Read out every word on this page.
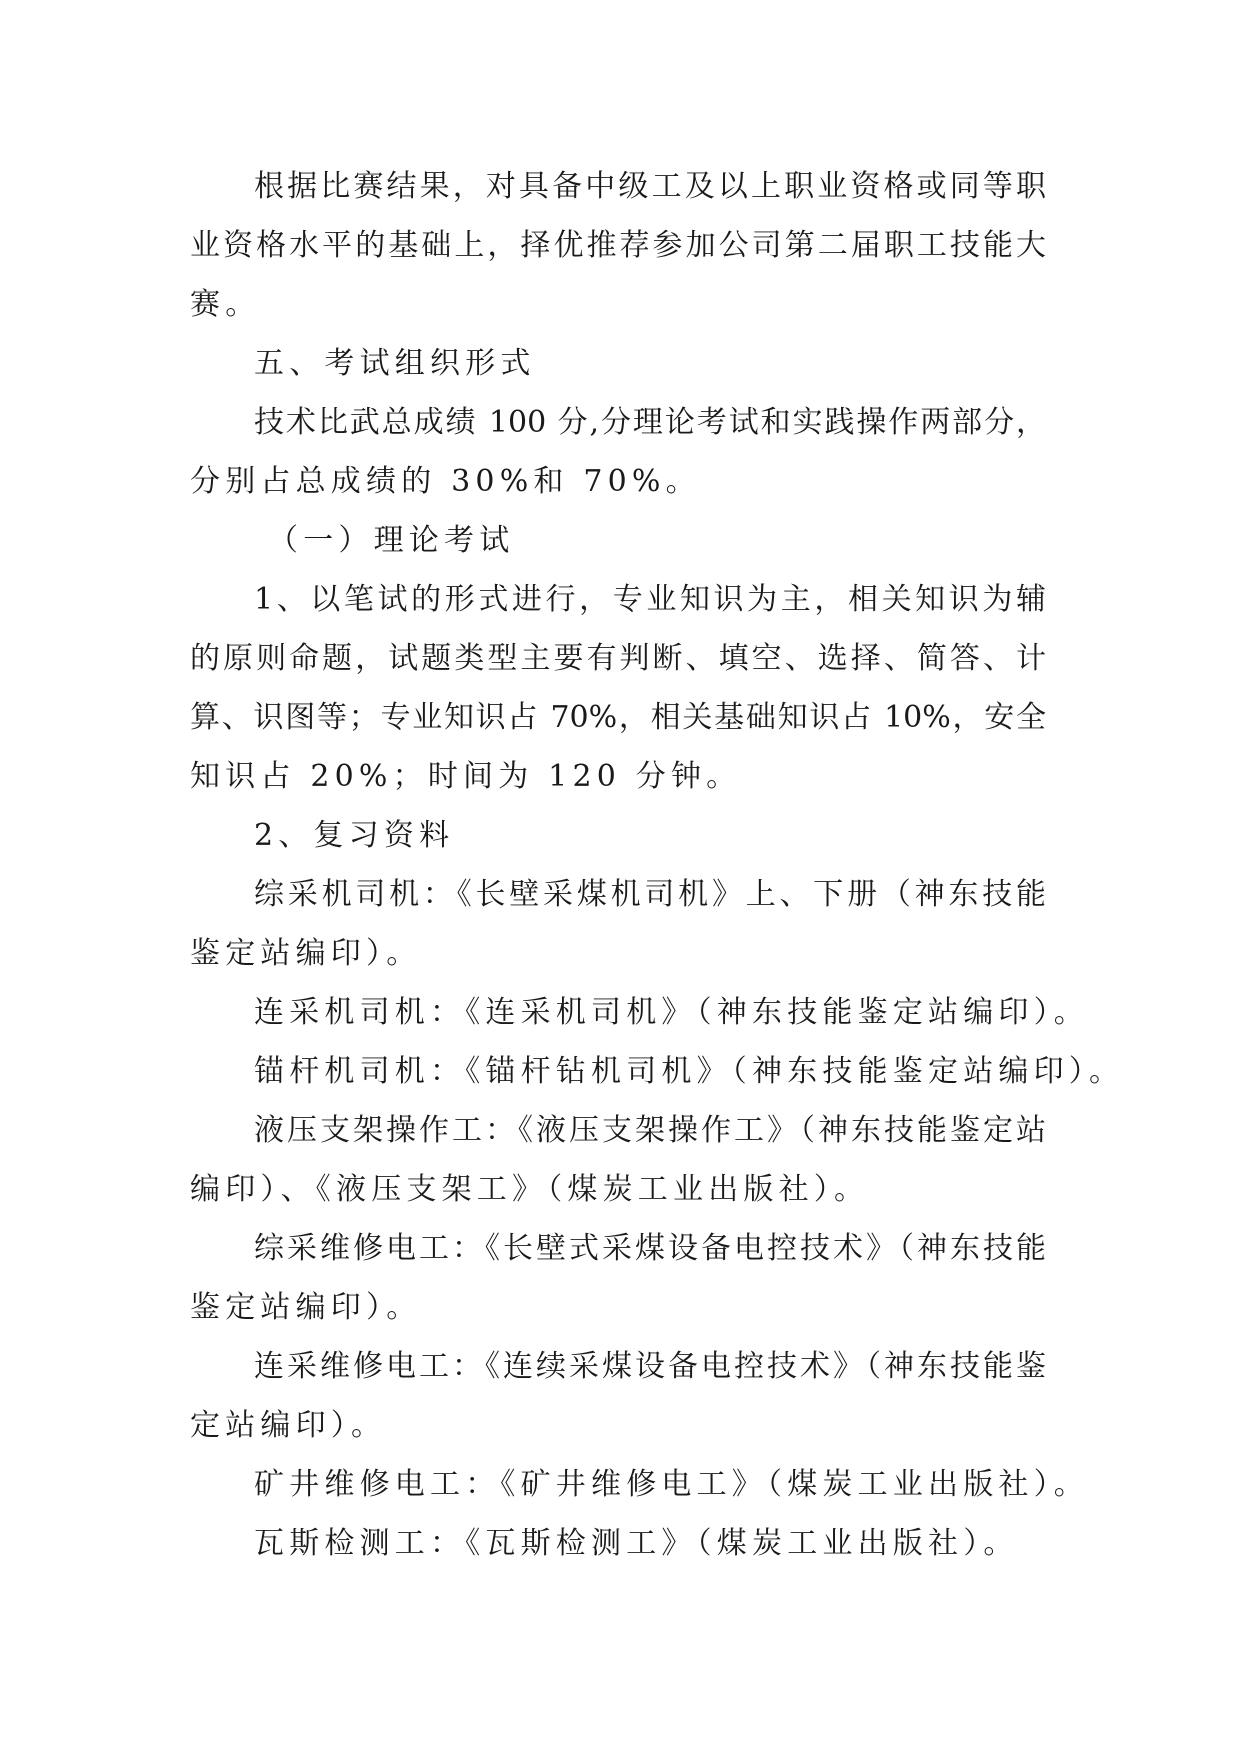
根据比赛结果，对具备中级工及以上职业资格或同等职

业资格水平的基础上，择优推荐参加公司第二届职工技能大

赛。

五、考试组织形式

技术比武总成绩 100 分,分理论考试和实践操作两部分，

分别占总成绩的 30%和 70%。

（一）理论考试

1、以笔试的形式进行，专业知识为主，相关知识为辅

的原则命题，试题类型主要有判断、填空、选择、简答、计

算、识图等；专业知识占 70%，相关基础知识占 10%，安全

知识占 20%；时间为 120 分钟。

2、复习资料

综采机司机：《长壁采煤机司机》上、下册（神东技能

鉴定站编印）。

连采机司机：《连采机司机》（神东技能鉴定站编印）。

锚杆机司机：《锚杆钻机司机》（神东技能鉴定站编印）。

液压支架操作工：《液压支架操作工》（神东技能鉴定站

编印）、《液压支架工》（煤炭工业出版社）。

综采维修电工：《长壁式采煤设备电控技术》（神东技能

鉴定站编印）。

连采维修电工：《连续采煤设备电控技术》（神东技能鉴

定站编印）。

矿井维修电工：《矿井维修电工》（煤炭工业出版社）。

瓦斯检测工：《瓦斯检测工》（煤炭工业出版社）。
